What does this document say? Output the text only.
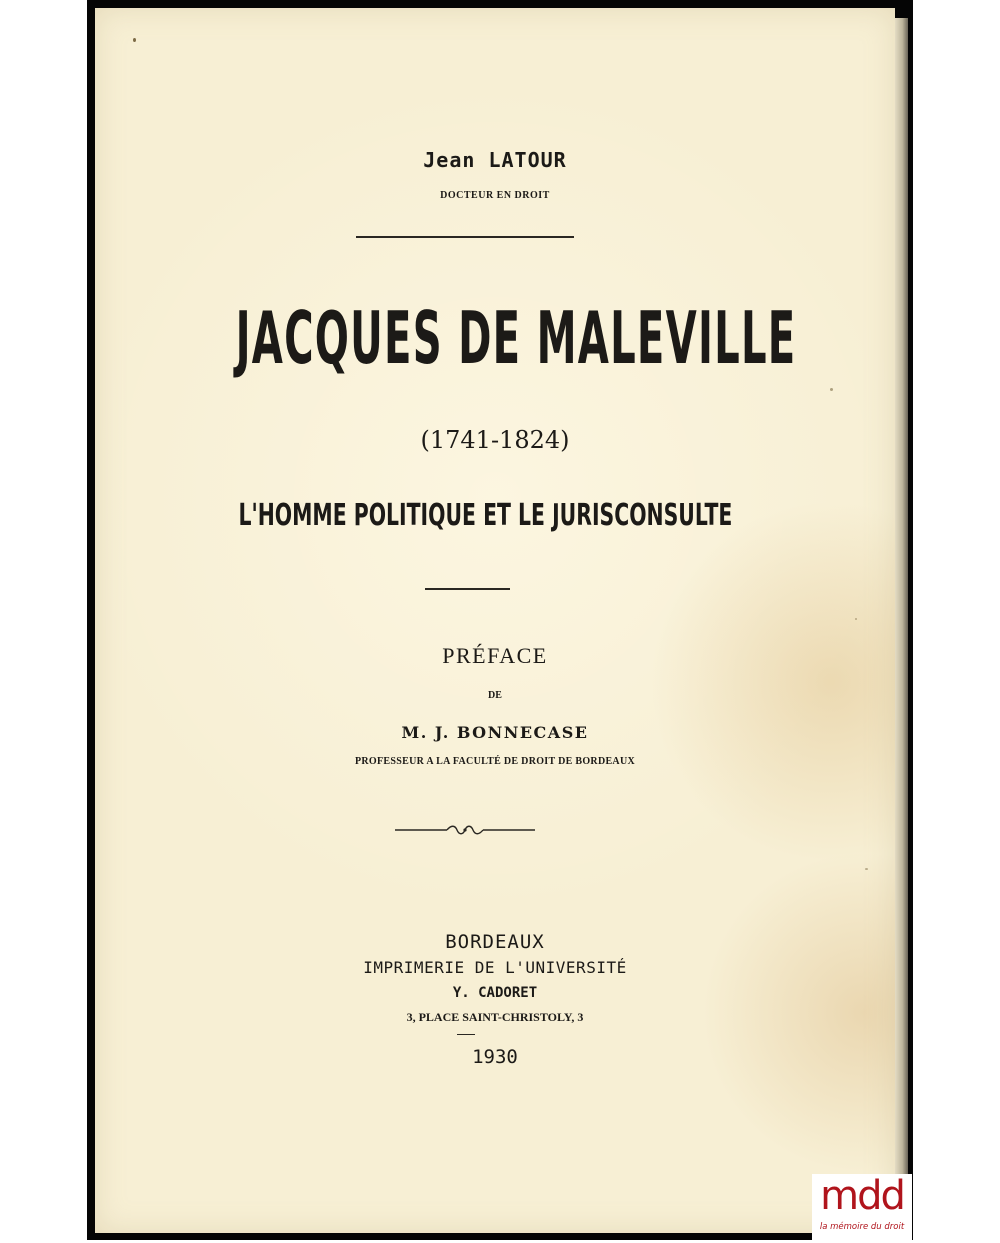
Jean LATOUR

DOCTEUR EN DROIT

JACQUES DE MALEVILLE

(1741-1824)

L'HOMME POLITIQUE ET LE JURISCONSULTE

PRÉFACE

DE

M. J. BONNECASE

PROFESSEUR A LA FACULTÉ DE DROIT DE BORDEAUX

BORDEAUX

IMPRIMERIE DE L'UNIVERSITÉ

Y. CADORET

3, PLACE SAINT-CHRISTOLY, 3

1930

mdd
la mémoire du droit
